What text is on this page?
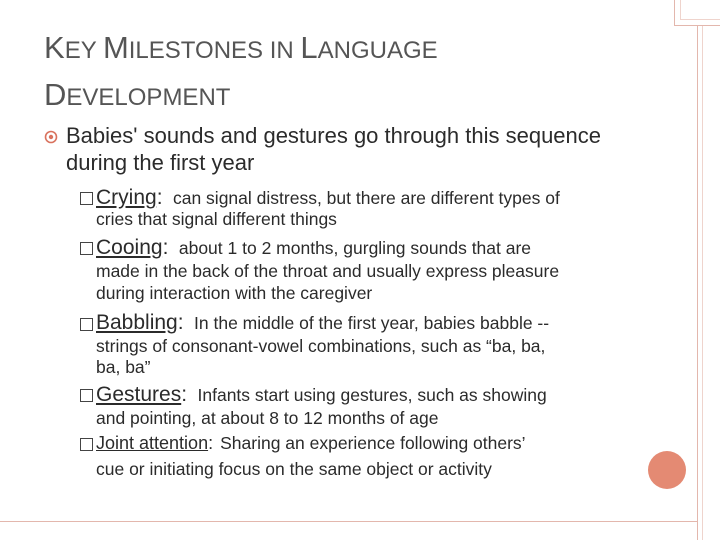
KEY MILESTONES IN LANGUAGE
DEVELOPMENT
Babies' sounds and gestures go through this sequence during the first year
Crying: can signal distress, but there are different types of
cries that signal different things
Cooing: about 1 to 2 months, gurgling sounds that are
made in the back of the throat and usually express pleasure
during interaction with the caregiver
Babbling: In the middle of the first year, babies babble --
strings of consonant-vowel combinations, such as “ba, ba,
ba, ba”
Gestures: Infants start using gestures, such as showing
and pointing, at about 8 to 12 months of age
Joint attention: Sharing an experience following others’
cue or initiating focus on the same object or activity
